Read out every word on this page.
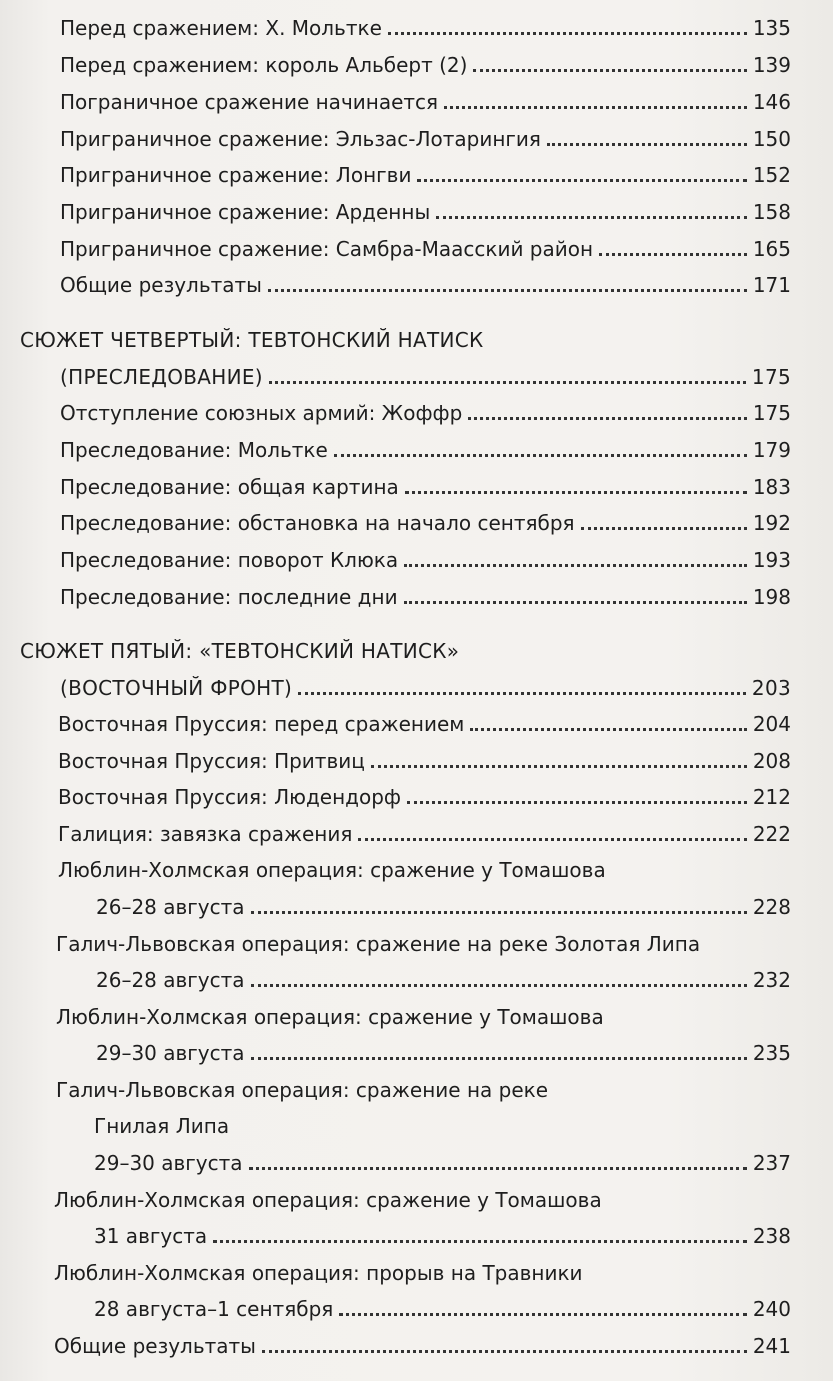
Перед сражением: Х. Мольтке	135
Перед сражением: король Альберт (2)	139
Пограничное сражение начинается	146
Приграничное сражение: Эльзас-Лотарингия	150
Приграничное сражение: Лонгви	152
Приграничное сражение: Арденны	158
Приграничное сражение: Самбра-Маасский район	165
Общие результаты	171
СЮЖЕТ ЧЕТВЕРТЫЙ: ТЕВТОНСКИЙ НАТИСК
(ПРЕСЛЕДОВАНИЕ)	175
Отступление союзных армий: Жоффр	175
Преследование: Мольтке	179
Преследование: общая картина	183
Преследование: обстановка на начало сентября	192
Преследование: поворот Клюка	193
Преследование: последние дни	198
СЮЖЕТ ПЯТЫЙ: «ТЕВТОНСКИЙ НАТИСК»
(ВОСТОЧНЫЙ ФРОНТ)	203
Восточная Пруссия: перед сражением	204
Восточная Пруссия: Притвиц	208
Восточная Пруссия: Людендорф	212
Галиция: завязка сражения	222
Люблин-Холмская операция: сражение у Томашова
26–28 августа	228
Галич-Львовская операция: сражение на реке Золотая Липа
26–28 августа	232
Люблин-Холмская операция: сражение у Томашова
29–30 августа	235
Галич-Львовская операция: сражение на реке
Гнилая Липа
29–30 августа	237
Люблин-Холмская операция: сражение у Томашова
31 августа	238
Люблин-Холмская операция: прорыв на Травники
28 августа–1 сентября	240
Общие результаты	241
